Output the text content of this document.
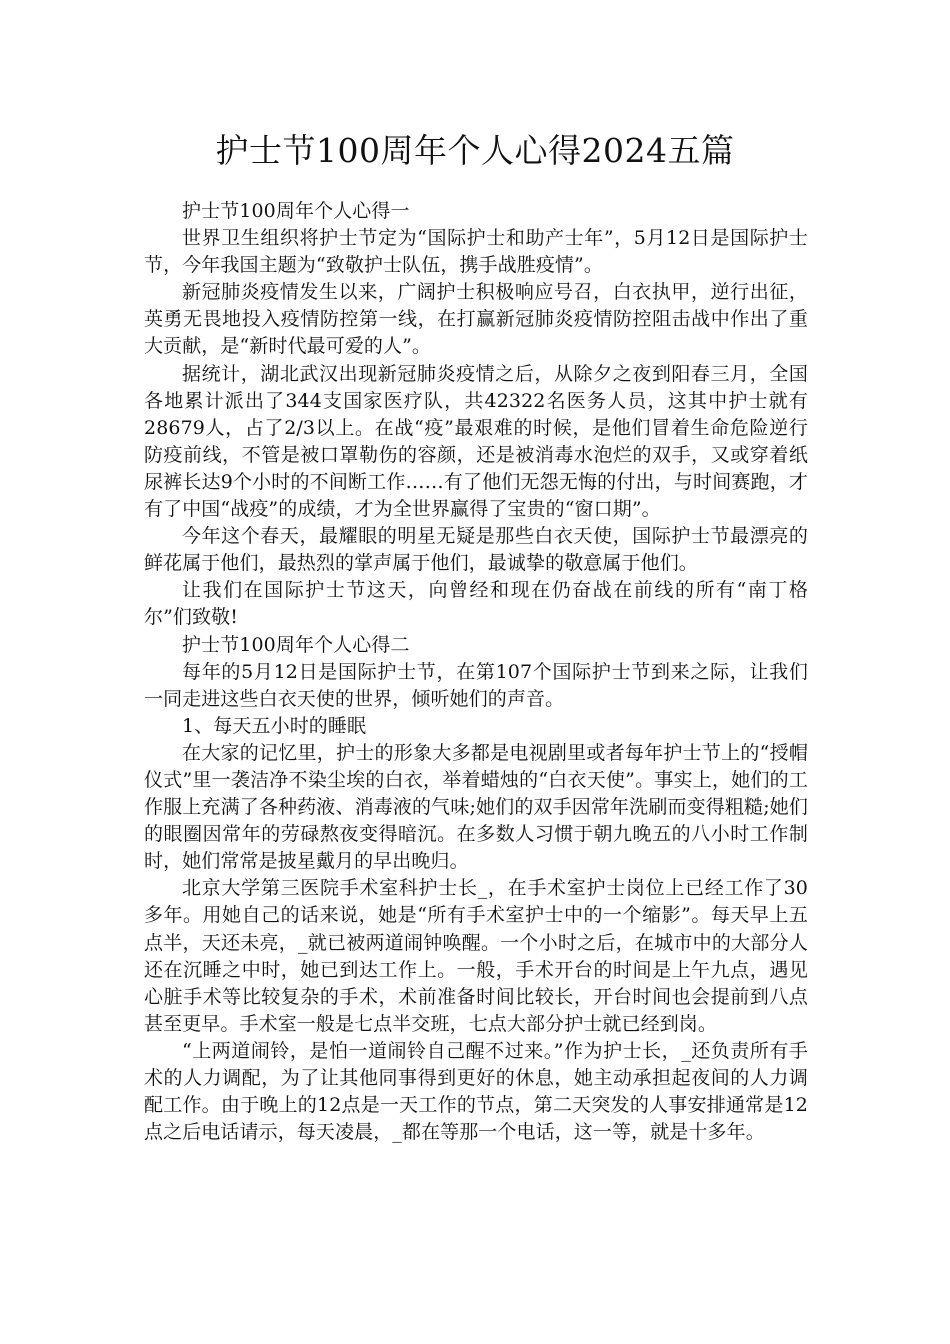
护士节100周年个人心得2024五篇

护士节100周年个人心得一

世界卫生组织将护士节定为“国际护士和助产士年”，5月12日是国际护士节，今年我国主题为“致敬护士队伍，携手战胜疫情”。

新冠肺炎疫情发生以来，广阔护士积极响应号召，白衣执甲，逆行出征，英勇无畏地投入疫情防控第一线，在打赢新冠肺炎疫情防控阻击战中作出了重大贡献，是“新时代最可爱的人”。

据统计，湖北武汉出现新冠肺炎疫情之后，从除夕之夜到阳春三月，全国各地累计派出了344支国家医疗队，共42322名医务人员，这其中护士就有28679人，占了2/3以上。在战“疫”最艰难的时候，是他们冒着生命危险逆行防疫前线，不管是被口罩勒伤的容颜，还是被消毒水泡烂的双手，又或穿着纸尿裤长达9个小时的不间断工作……有了他们无怨无悔的付出，与时间赛跑，才有了中国“战疫”的成绩，才为全世界赢得了宝贵的“窗口期”。

今年这个春天，最耀眼的明星无疑是那些白衣天使，国际护士节最漂亮的鲜花属于他们，最热烈的掌声属于他们，最诚挚的敬意属于他们。

让我们在国际护士节这天，向曾经和现在仍奋战在前线的所有“南丁格尔”们致敬!

护士节100周年个人心得二

每年的5月12日是国际护士节，在第107个国际护士节到来之际，让我们一同走进这些白衣天使的世界，倾听她们的声音。

1、每天五小时的睡眠

在大家的记忆里，护士的形象大多都是电视剧里或者每年护士节上的“授帽仪式”里一袭洁净不染尘埃的白衣，举着蜡烛的“白衣天使”。事实上，她们的工作服上充满了各种药液、消毒液的气味;她们的双手因常年洗刷而变得粗糙;她们的眼圈因常年的劳碌熬夜变得暗沉。在多数人习惯于朝九晚五的八小时工作制时，她们常常是披星戴月的早出晚归。

北京大学第三医院手术室科护士长_，在手术室护士岗位上已经工作了30多年。用她自己的话来说，她是“所有手术室护士中的一个缩影”。每天早上五点半，天还未亮，_就已被两道闹钟唤醒。一个小时之后，在城市中的大部分人还在沉睡之中时，她已到达工作上。一般，手术开台的时间是上午九点，遇见心脏手术等比较复杂的手术，术前准备时间比较长，开台时间也会提前到八点甚至更早。手术室一般是七点半交班，七点大部分护士就已经到岗。

“上两道闹铃，是怕一道闹铃自己醒不过来。”作为护士长，_还负责所有手术的人力调配，为了让其他同事得到更好的休息，她主动承担起夜间的人力调配工作。由于晚上的12点是一天工作的节点，第二天突发的人事安排通常是12点之后电话请示，每天凌晨，_都在等那一个电话，这一等，就是十多年。
